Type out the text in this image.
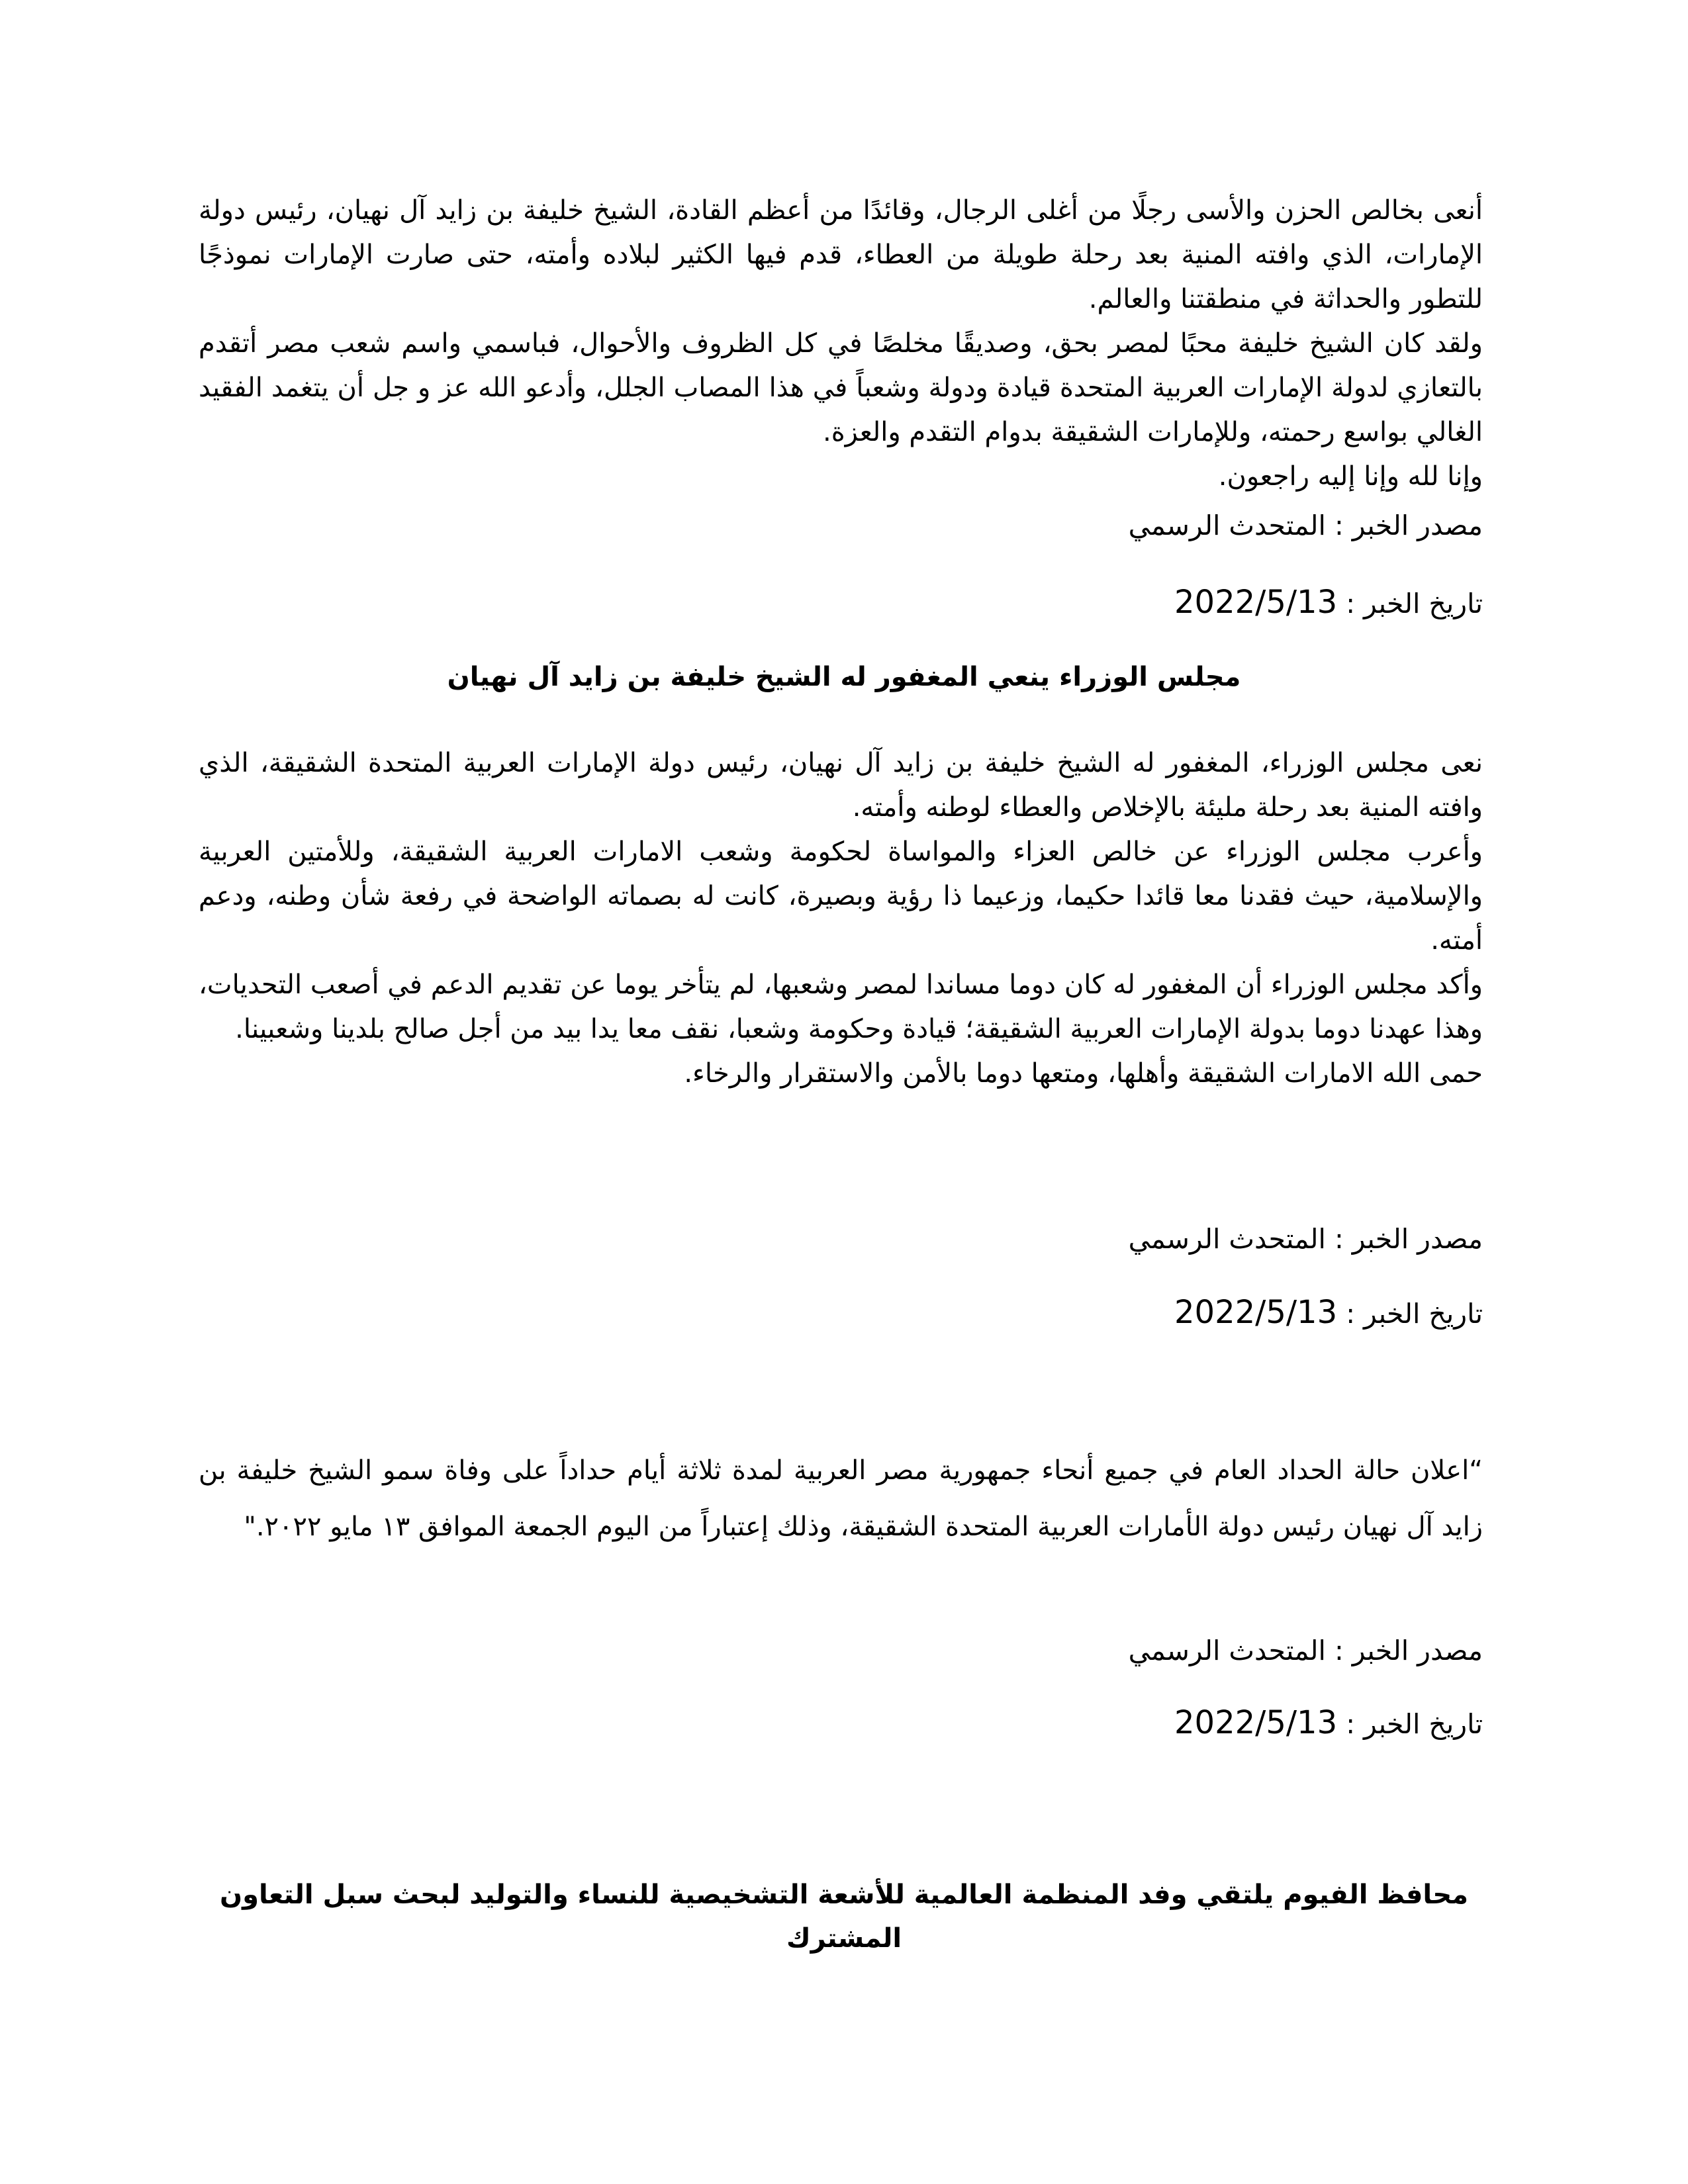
أنعى بخالص الحزن والأسى رجلًا من أغلى الرجال، وقائدًا من أعظم القادة، الشيخ خليفة بن زايد آل نهيان، رئيس دولة الإمارات، الذي وافته المنية بعد رحلة طويلة من العطاء، قدم فيها الكثير لبلاده وأمته، حتى صارت الإمارات نموذجًا للتطور والحداثة في منطقتنا والعالم.

ولقد كان الشيخ خليفة محبًا لمصر بحق، وصديقًا مخلصًا في كل الظروف والأحوال، فباسمي واسم شعب مصر أتقدم بالتعازي لدولة الإمارات العربية المتحدة قيادة ودولة وشعباً في هذا المصاب الجلل، وأدعو الله عز و جل أن يتغمد الفقيد الغالي بواسع رحمته، وللإمارات الشقيقة بدوام التقدم والعزة.

وإنا لله وإنا إليه راجعون.

مصدر الخبر : المتحدث الرسمي

تاريخ الخبر : 2022/5/13

مجلس الوزراء ينعي المغفور له الشيخ خليفة بن زايد آل نهيان

نعى مجلس الوزراء، المغفور له الشيخ خليفة بن زايد آل نهيان، رئيس دولة الإمارات العربية المتحدة الشقيقة، الذي وافته المنية بعد رحلة مليئة بالإخلاص والعطاء لوطنه وأمته.

وأعرب مجلس الوزراء عن خالص العزاء والمواساة لحكومة وشعب الامارات العربية الشقيقة، وللأمتين العربية والإسلامية، حيث فقدنا معا قائدا حكيما، وزعيما ذا رؤية وبصيرة، كانت له بصماته الواضحة في رفعة شأن وطنه، ودعم أمته.

وأكد مجلس الوزراء أن المغفور له كان دوما مساندا لمصر وشعبها، لم يتأخر يوما عن تقديم الدعم في أصعب التحديات، وهذا عهدنا دوما بدولة الإمارات العربية الشقيقة؛ قيادة وحكومة وشعبا، نقف معا يدا بيد من أجل صالح بلدينا وشعبينا.

حمى الله الامارات الشقيقة وأهلها، ومتعها دوما بالأمن والاستقرار والرخاء.

مصدر الخبر : المتحدث الرسمي

تاريخ الخبر : 2022/5/13

“اعلان حالة الحداد العام في جميع أنحاء جمهورية مصر العربية لمدة ثلاثة أيام حداداً على وفاة سمو الشيخ خليفة بن زايد آل نهيان رئيس دولة الأمارات العربية المتحدة الشقيقة، وذلك إعتباراً من اليوم الجمعة الموافق ١٣ مايو ٢٠٢٢."

مصدر الخبر : المتحدث الرسمي

تاريخ الخبر : 2022/5/13

محافظ الفيوم يلتقي وفد المنظمة العالمية للأشعة التشخيصية للنساء والتوليد لبحث سبل التعاون المشترك
